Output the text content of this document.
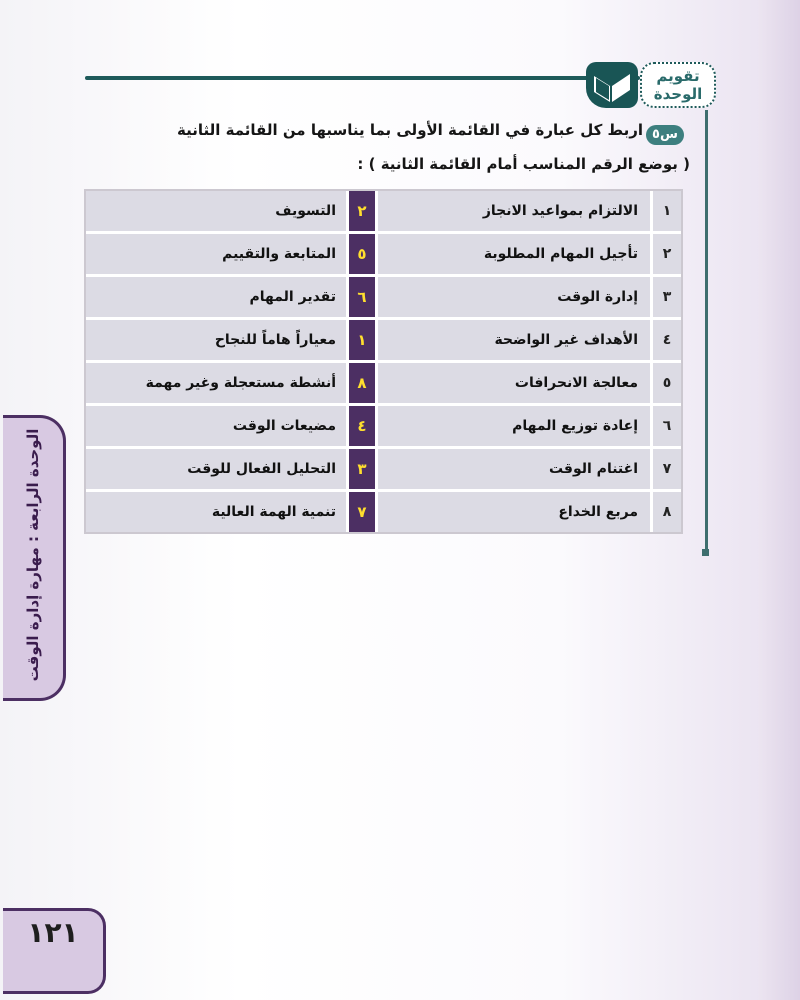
تقويم
الوحدة
س٥
اربط كل عبارة في القائمة الأولى بما يناسبها من القائمة الثانية
( بوضع الرقم المناسب أمام القائمة الثانية ) :
١
الالتزام بمواعيد الانجاز
٢
التسويف
٢
تأجيل المهام المطلوبة
٥
المتابعة والتقييم
٣
إدارة الوقت
٦
تقدير المهام
٤
الأهداف غير الواضحة
١
معياراً هاماً للنجاح
٥
معالجة الانحرافات
٨
أنشطة مستعجلة وغير مهمة
٦
إعادة توزيع المهام
٤
مضيعات الوقت
٧
اغتنام الوقت
٣
التحليل الفعال للوقت
٨
مربع الخداع
٧
تنمية الهمة العالية
الوحدة الرابعة : مهارة إدارة الوقت
١٢١
